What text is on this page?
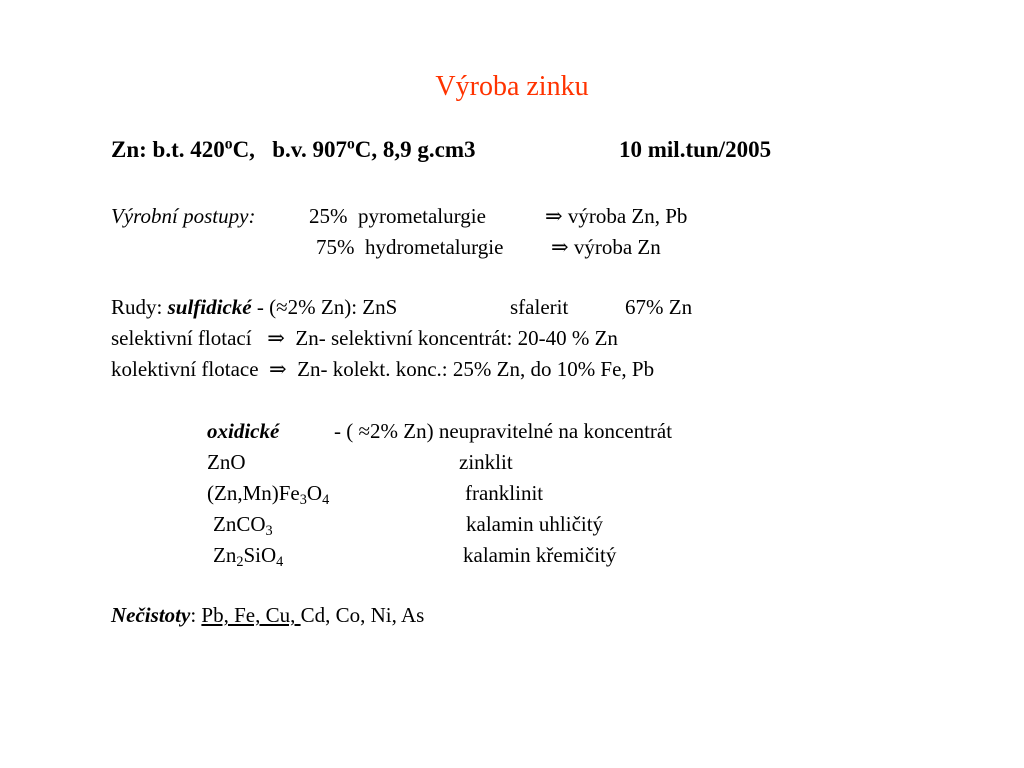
Výroba zinku
Zn: b.t. 420$^o$C, b.v. 907$^o$C, 8,9 g.cm3	10 mil.tun/2005
Výrobní postupy:	25% pyrometalurgie	⇒ výroba Zn, Pb
75% hydrometalurgie ⇒ výroba Zn
Rudy: sulfidické - (≈2% Zn): ZnS	sfalerit	67% Zn
selektivní flotací ⇒ Zn- selektivní koncentrát: 20-40 % Zn
kolektivní flotace ⇒ Zn- kolekt. konc.: 25% Zn, do 10% Fe, Pb
oxidické	- ( ≈2% Zn) neupravitelné na koncentrát
ZnO	zinklit
$(Zn,Mn)Fe_3O_4$	franklinit
ZnCO$_3$	kalamin uhličitý
$Zn_2SiO_4$	kalamin křemičitý
Nečistoty: Pb, Fe, Cu, Cd, Co, Ni, As
